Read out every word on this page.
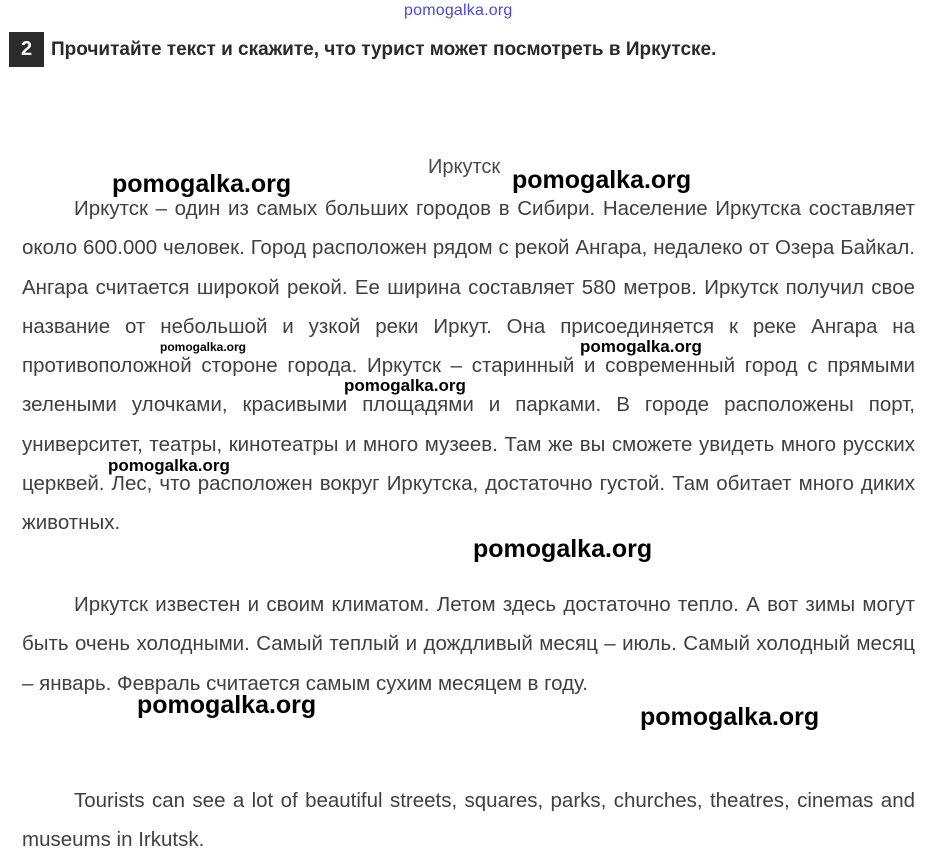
pomogalka.org
2 Прочитайте текст и скажите, что турист может посмотреть в Иркутске.
Иркутск

Иркутск – один из самых больших городов в Сибири. Население Иркутска составляет около 600.000 человек. Город расположен рядом с рекой Ангара, недалеко от Озера Байкал. Ангара считается широкой рекой. Ее ширина составляет 580 метров. Иркутск получил свое название от небольшой и узкой реки Иркут. Она присоединяется к реке Ангара на противоположной стороне города. Иркутск – старинный и современный город с прямыми зелеными улочками, красивыми площадями и парками. В городе расположены порт, университет, театры, кинотеатры и много музеев. Там же вы сможете увидеть много русских церквей. Лес, что расположен вокруг Иркутска, достаточно густой. Там обитает много диких животных.

Иркутск известен и своим климатом. Летом здесь достаточно тепло. А вот зимы могут быть очень холодными. Самый теплый и дождливый месяц – июль. Самый холодный месяц – январь. Февраль считается самым сухим месяцем в году.

Tourists can see a lot of beautiful streets, squares, parks, churches, theatres, cinemas and museums in Irkutsk.

pomogalka.org	pomogalka.org
pomogalka.org	pomogalka.org
pomogalka.org
pomogalka.org
pomogalka.org
pomogalka.org	pomogalka.org
